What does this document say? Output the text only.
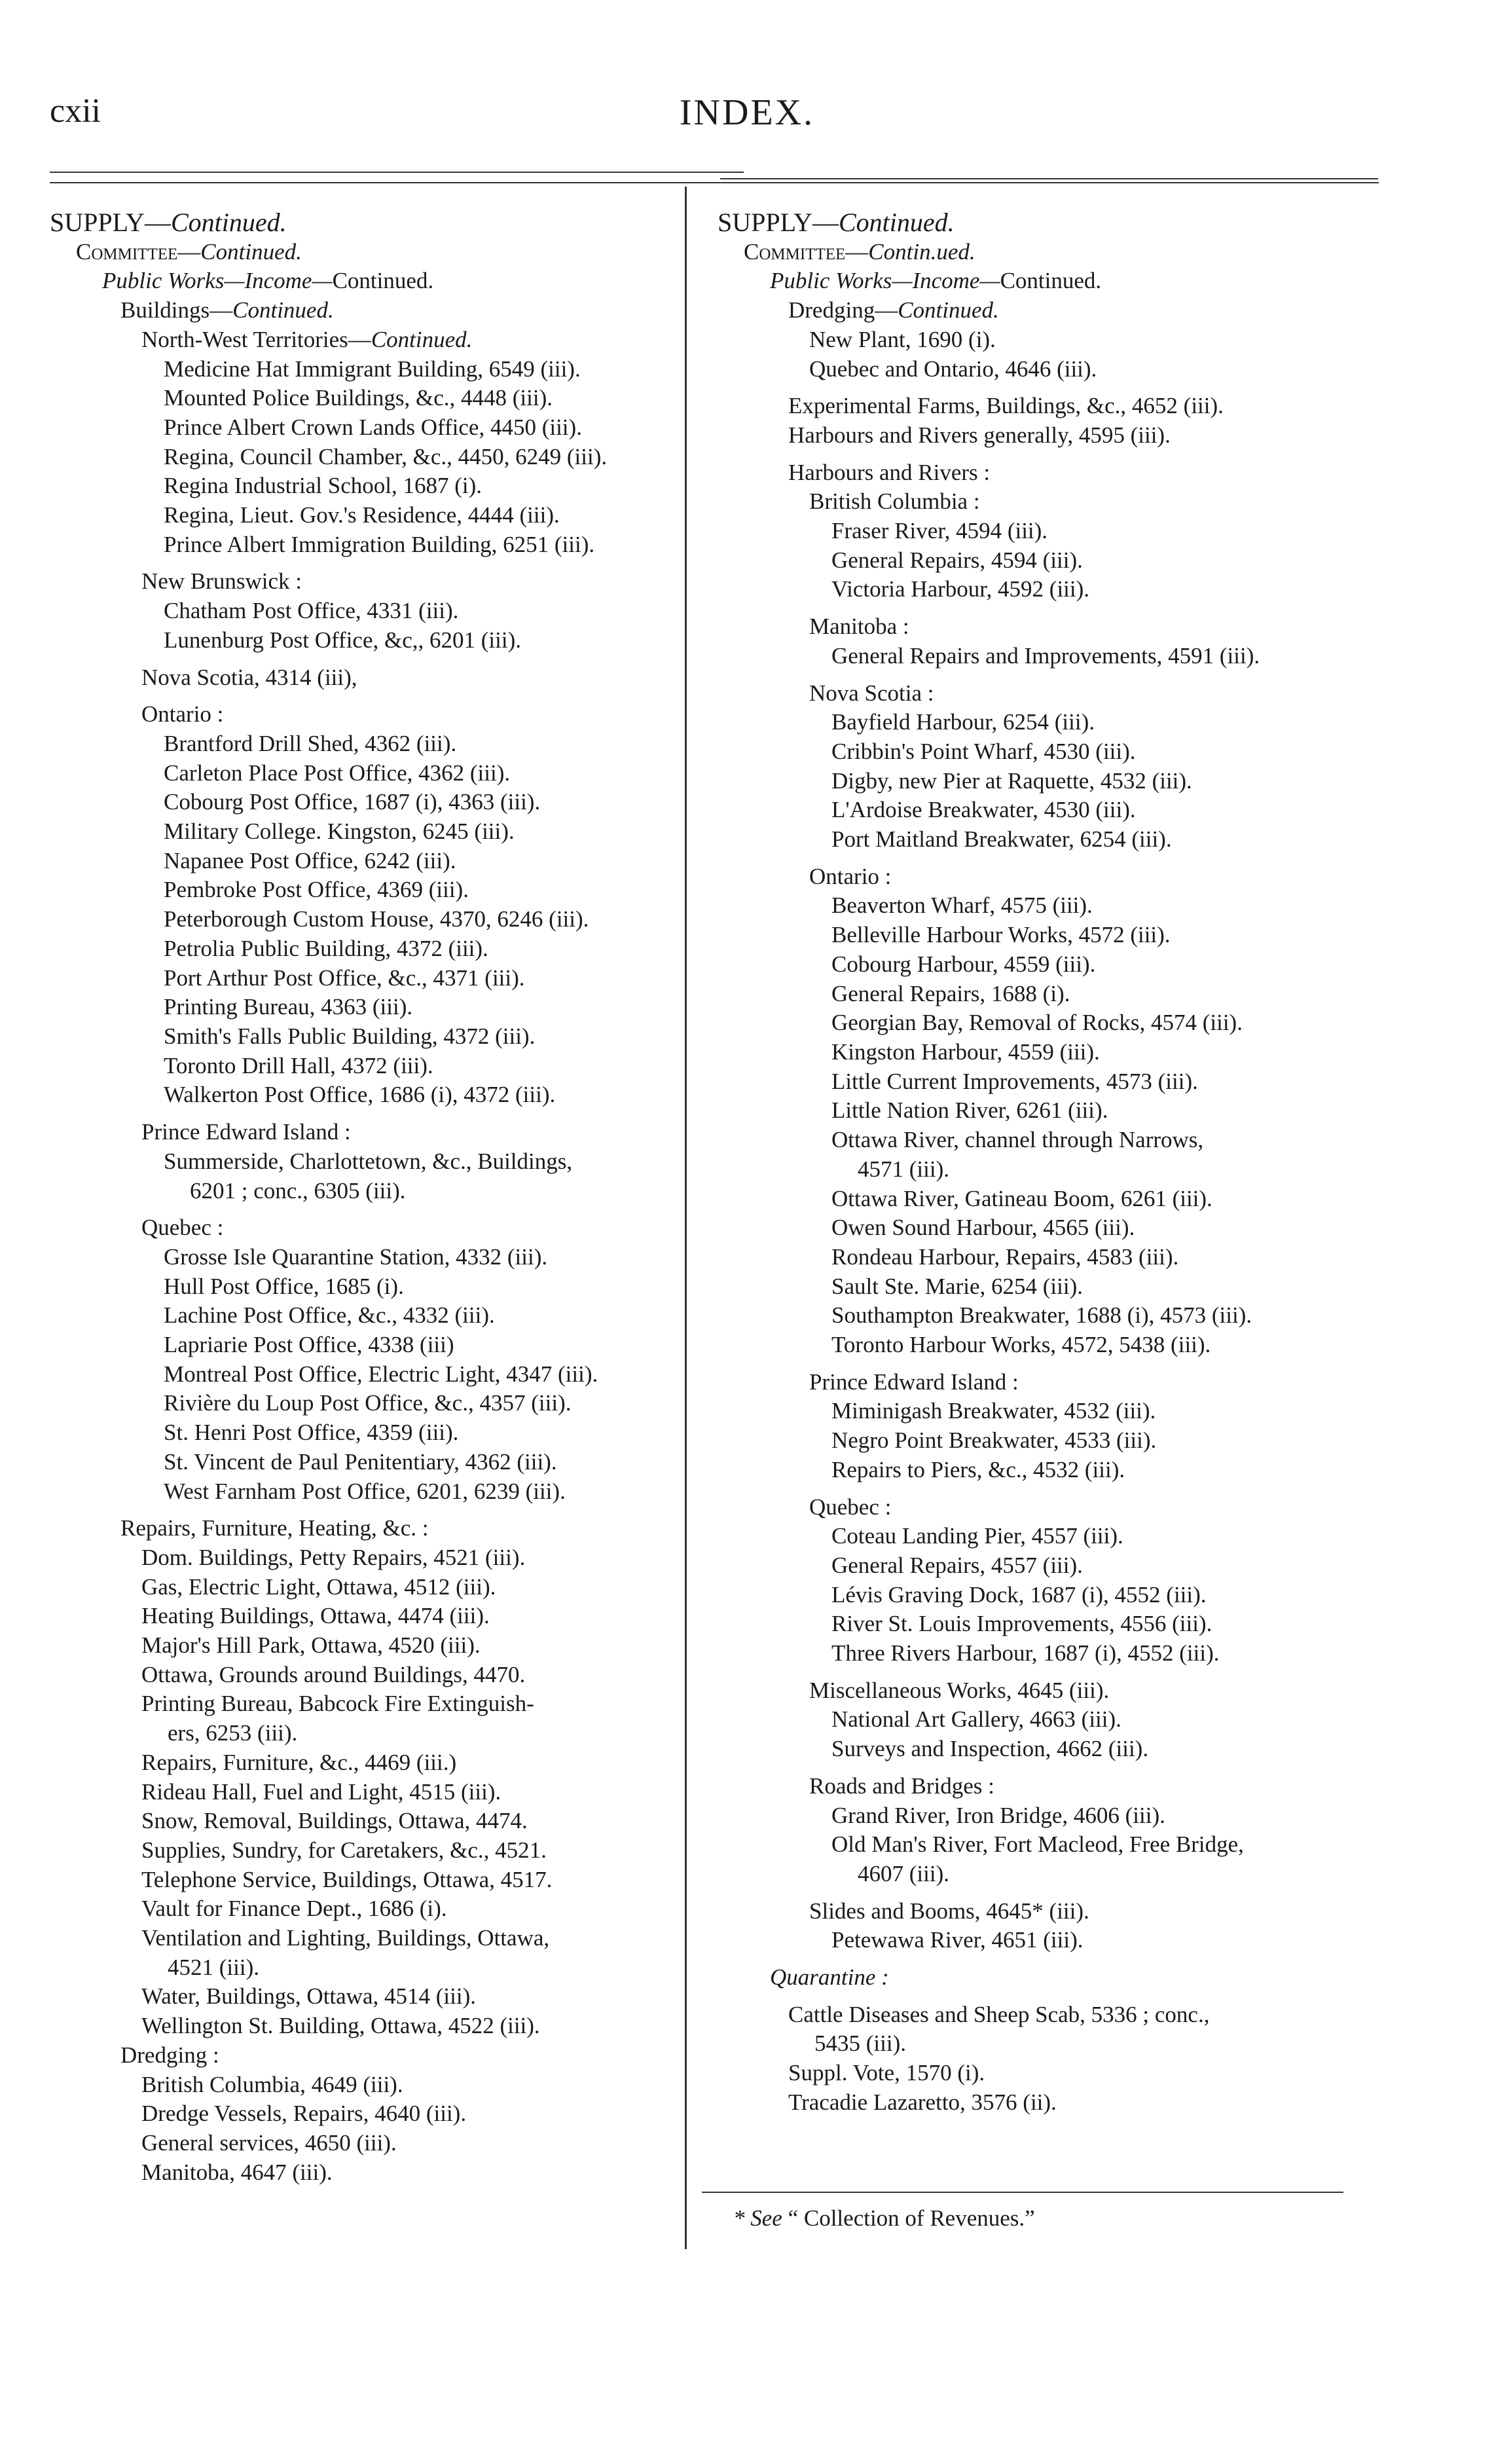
cxii	INDEX.
SUPPLY—Continued.
Committee—Continued.
Public Works—Income—Continued.
Buildings—Continued.
North-West Territories—Continued.
Medicine Hat Immigrant Building, 6549 (iii).
Mounted Police Buildings, &c., 4448 (iii).
Prince Albert Crown Lands Office, 4450 (iii).
Regina, Council Chamber, &c., 4450, 6249 (iii).
Regina Industrial School, 1687 (i).
Regina, Lieut. Gov.'s Residence, 4444 (iii).
Prince Albert Immigration Building, 6251 (iii).
New Brunswick :
Chatham Post Office, 4331 (iii).
Lunenburg Post Office, &c,, 6201 (iii).
Nova Scotia, 4314 (iii),
Ontario :
Brantford Drill Shed, 4362 (iii).
Carleton Place Post Office, 4362 (iii).
Cobourg Post Office, 1687 (i), 4363 (iii).
Military College. Kingston, 6245 (iii).
Napanee Post Office, 6242 (iii).
Pembroke Post Office, 4369 (iii).
Peterborough Custom House, 4370, 6246 (iii).
Petrolia Public Building, 4372 (iii).
Port Arthur Post Office, &c., 4371 (iii).
Printing Bureau, 4363 (iii).
Smith's Falls Public Building, 4372 (iii).
Toronto Drill Hall, 4372 (iii).
Walkerton Post Office, 1686 (i), 4372 (iii).
Prince Edward Island :
Summerside, Charlottetown, &c., Buildings,
6201 ; conc., 6305 (iii).
Quebec :
Grosse Isle Quarantine Station, 4332 (iii).
Hull Post Office, 1685 (i).
Lachine Post Office, &c., 4332 (iii).
Lapriarie Post Office, 4338 (iii)
Montreal Post Office, Electric Light, 4347 (iii).
Rivière du Loup Post Office, &c., 4357 (iii).
St. Henri Post Office, 4359 (iii).
St. Vincent de Paul Penitentiary, 4362 (iii).
West Farnham Post Office, 6201, 6239 (iii).
Repairs, Furniture, Heating, &c. :
Dom. Buildings, Petty Repairs, 4521 (iii).
Gas, Electric Light, Ottawa, 4512 (iii).
Heating Buildings, Ottawa, 4474 (iii).
Major's Hill Park, Ottawa, 4520 (iii).
Ottawa, Grounds around Buildings, 4470.
Printing Bureau, Babcock Fire Extinguish-
ers, 6253 (iii).
Repairs, Furniture, &c., 4469 (iii.)
Rideau Hall, Fuel and Light, 4515 (iii).
Snow, Removal, Buildings, Ottawa, 4474.
Supplies, Sundry, for Caretakers, &c., 4521.
Telephone Service, Buildings, Ottawa, 4517.
Vault for Finance Dept., 1686 (i).
Ventilation and Lighting, Buildings, Ottawa,
4521 (iii).
Water, Buildings, Ottawa, 4514 (iii).
Wellington St. Building, Ottawa, 4522 (iii).
Dredging :
British Columbia, 4649 (iii).
Dredge Vessels, Repairs, 4640 (iii).
General services, 4650 (iii).
Manitoba, 4647 (iii).
SUPPLY—Continued.
Committee—Contin.ued.
Public Works—Income—Continued.
Dredging—Continued.
New Plant, 1690 (i).
Quebec and Ontario, 4646 (iii).
Experimental Farms, Buildings, &c., 4652 (iii).
Harbours and Rivers generally, 4595 (iii).
Harbours and Rivers :
British Columbia :
Fraser River, 4594 (iii).
General Repairs, 4594 (iii).
Victoria Harbour, 4592 (iii).
Manitoba :
General Repairs and Improvements, 4591 (iii).
Nova Scotia :
Bayfield Harbour, 6254 (iii).
Cribbin's Point Wharf, 4530 (iii).
Digby, new Pier at Raquette, 4532 (iii).
L'Ardoise Breakwater, 4530 (iii).
Port Maitland Breakwater, 6254 (iii).
Ontario :
Beaverton Wharf, 4575 (iii).
Belleville Harbour Works, 4572 (iii).
Cobourg Harbour, 4559 (iii).
General Repairs, 1688 (i).
Georgian Bay, Removal of Rocks, 4574 (iii).
Kingston Harbour, 4559 (iii).
Little Current Improvements, 4573 (iii).
Little Nation River, 6261 (iii).
Ottawa River, channel through Narrows,
4571 (iii).
Ottawa River, Gatineau Boom, 6261 (iii).
Owen Sound Harbour, 4565 (iii).
Rondeau Harbour, Repairs, 4583 (iii).
Sault Ste. Marie, 6254 (iii).
Southampton Breakwater, 1688 (i), 4573 (iii).
Toronto Harbour Works, 4572, 5438 (iii).
Prince Edward Island :
Miminigash Breakwater, 4532 (iii).
Negro Point Breakwater, 4533 (iii).
Repairs to Piers, &c., 4532 (iii).
Quebec :
Coteau Landing Pier, 4557 (iii).
General Repairs, 4557 (iii).
Lévis Graving Dock, 1687 (i), 4552 (iii).
River St. Louis Improvements, 4556 (iii).
Three Rivers Harbour, 1687 (i), 4552 (iii).
Miscellaneous Works, 4645 (iii).
National Art Gallery, 4663 (iii).
Surveys and Inspection, 4662 (iii).
Roads and Bridges :
Grand River, Iron Bridge, 4606 (iii).
Old Man's River, Fort Macleod, Free Bridge,
4607 (iii).
Slides and Booms, 4645* (iii).
Petewawa River, 4651 (iii).
Quarantine :
Cattle Diseases and Sheep Scab, 5336 ; conc.,
5435 (iii).
Suppl. Vote, 1570 (i).
Tracadie Lazaretto, 3576 (ii).
* See “ Collection of Revenues.”
